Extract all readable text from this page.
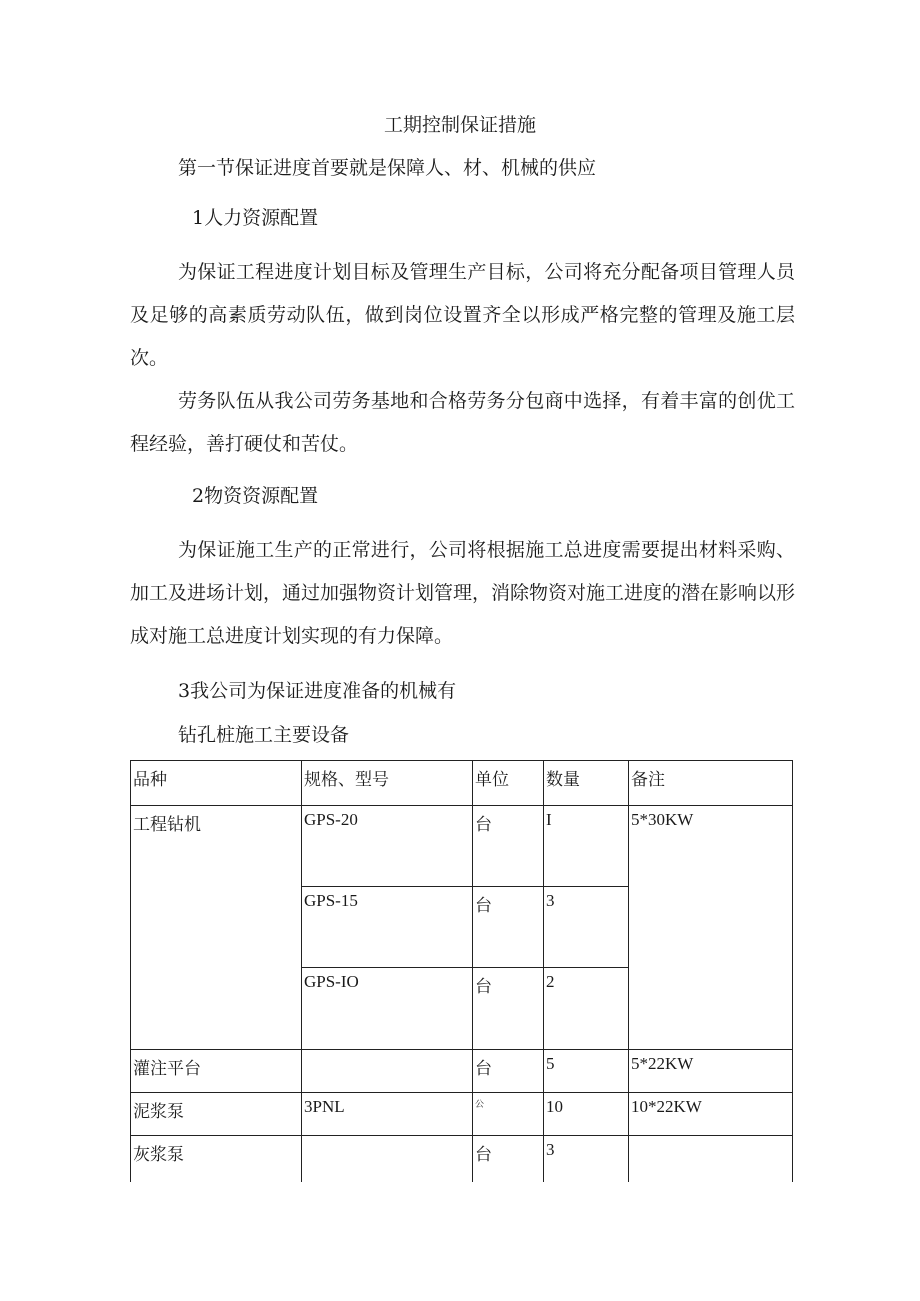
工期控制保证措施
第一节保证进度首要就是保障人、材、机械的供应
1人力资源配置
为保证工程进度计划目标及管理生产目标，公司将充分配备项目管理人员及足够的高素质劳动队伍，做到岗位设置齐全以形成严格完整的管理及施工层次。
劳务队伍从我公司劳务基地和合格劳务分包商中选择，有着丰富的创优工程经验，善打硬仗和苦仗。
2物资资源配置
为保证施工生产的正常进行，公司将根据施工总进度需要提出材料采购、加工及进场计划，通过加强物资计划管理，消除物资对施工进度的潜在影响以形成对施工总进度计划实现的有力保障。
3我公司为保证进度准备的机械有
钻孔桩施工主要设备
品种	规格、型号	单位	数量	备注
工程钻机	GPS-20	台	I	5*30KW
	GPS-15	台	3	
	GPS-IO	台	2	
灌注平台		台	5	5*22KW
泥浆泵	3PNL	公	10	10*22KW
灰浆泵		台	3	
